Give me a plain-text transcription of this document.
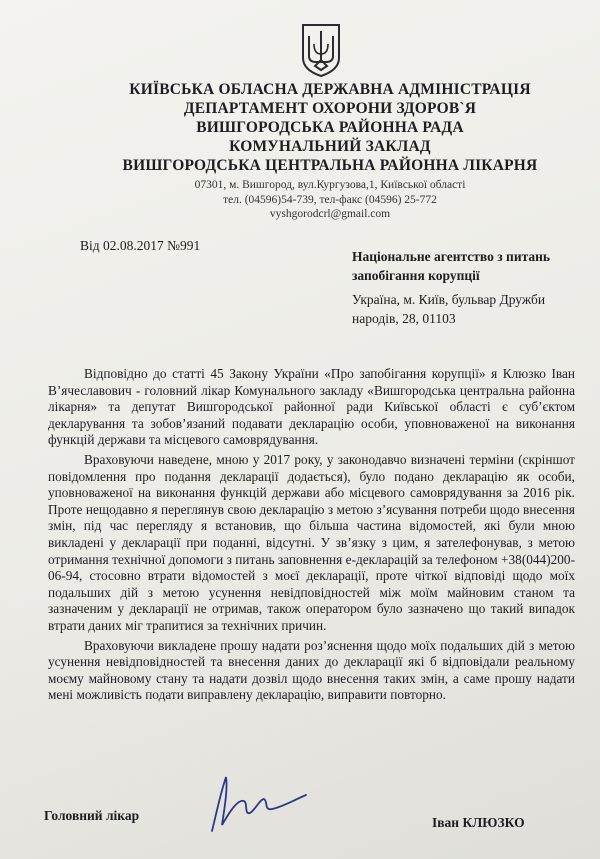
КИЇВСЬКА ОБЛАСНА ДЕРЖАВНА АДМІНІСТРАЦІЯ
ДЕПАРТАМЕНТ ОХОРОНИ ЗДОРОВ`Я
ВИШГОРОДСЬКА РАЙОННА РАДА
КОМУНАЛЬНИЙ ЗАКЛАД
ВИШГОРОДСЬКА ЦЕНТРАЛЬНА РАЙОННА ЛІКАРНЯ
07301, м. Вишгород, вул.Кургузова,1, Київської області
тел. (04596)54-739, тел-факс (04596) 25-772
vyshgorodcrl@gmail.com
Від 02.08.2017 №991
Національне агентство з питань запобігання корупції
Україна, м. Київ, бульвар Дружби народів, 28, 01103

Відповідно до статті 45 Закону України «Про запобігання корупції» я Клюзко Іван В’ячеславович - головний лікар Комунального закладу «Вишгородська центральна районна лікарня» та депутат Вишгородської районної ради Київської області є суб’єктом декларування та зобов’язаний подавати декларацію особи, уповноваженої на виконання функцій держави та місцевого самоврядування.

Враховуючи наведене, мною у 2017 року, у законодавчо визначені терміни (скріншот повідомлення про подання декларації додається), було подано декларацію як особи, уповноваженої на виконання функцій держави або місцевого самоврядування за 2016 рік. Проте нещодавно я переглянув свою декларацію з метою з’ясування потреби щодо внесення змін, під час перегляду я встановив, що більша частина відомостей, які були мною викладені у декларації при поданні, відсутні. У зв’язку з цим, я зателефонував, з метою отримання технічної допомоги з питань заповнення е-декларацій за телефоном +38(044)200-06-94, стосовно втрати відомостей з моєї декларації, проте чіткої відповіді щодо моїх подальших дій з метою усунення невідповідностей між моїм майновим станом та зазначеним у декларації не отримав, також оператором було зазначено що такий випадок втрати даних міг трапитися за технічних причин.

Враховуючи викладене прошу надати роз’яснення щодо моїх подальших дій з метою усунення невідповідностей та внесення даних до декларації які б відповідали реальному моєму майновому стану та надати дозвіл щодо внесення таких змін, а саме прошу надати мені можливість подати виправлену декларацію, виправити повторно.

Головний лікар	Іван КЛЮЗКО
